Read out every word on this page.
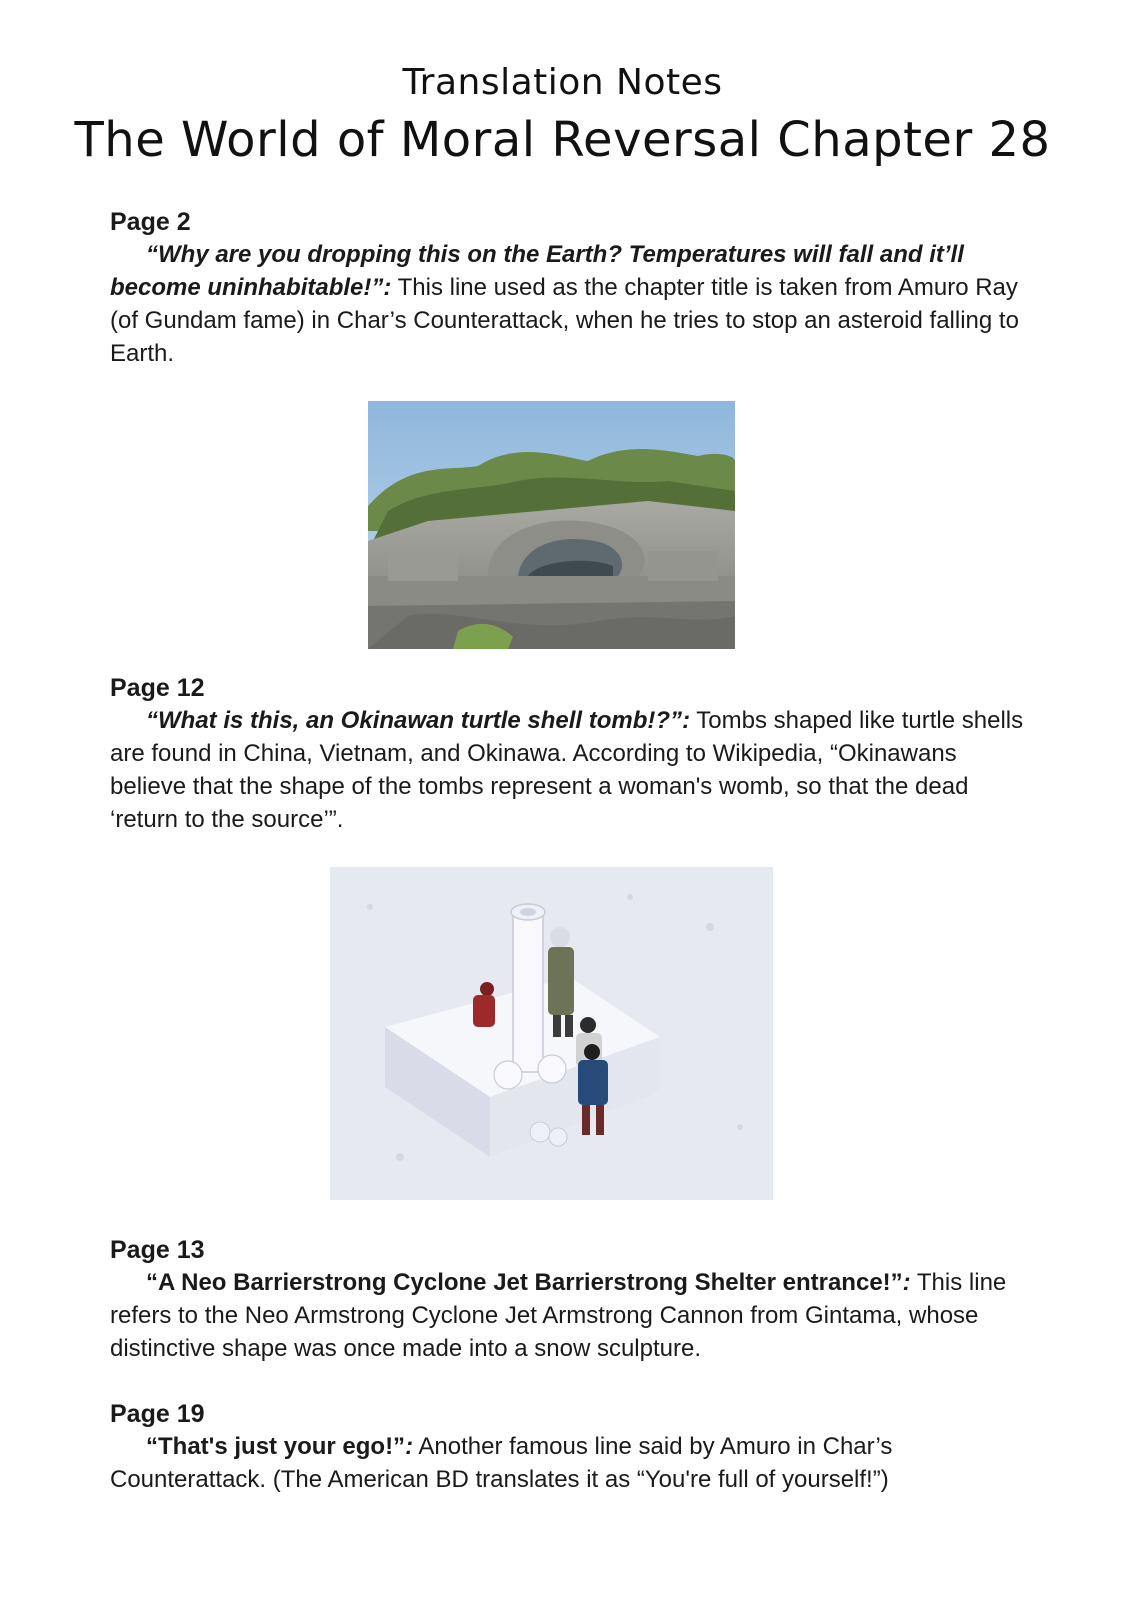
Translation Notes
The World of Moral Reversal Chapter 28
Page 2

“Why are you dropping this on the Earth? Temperatures will fall and it’ll become uninhabitable!”: This line used as the chapter title is taken from Amuro Ray (of Gundam fame) in Char’s Counterattack, when he tries to stop an asteroid falling to Earth.

Page 12

“What is this, an Okinawan turtle shell tomb!?”: Tombs shaped like turtle shells are found in China, Vietnam, and Okinawa. According to Wikipedia, “Okinawans believe that the shape of the tombs represent a woman's womb, so that the dead ‘return to the source’”.

Page 13

“A Neo Barrierstrong Cyclone Jet Barrierstrong Shelter entrance!”: This line refers to the Neo Armstrong Cyclone Jet Armstrong Cannon from Gintama, whose distinctive shape was once made into a snow sculpture.

Page 19

“That's just your ego!”: Another famous line said by Amuro in Char’s Counterattack. (The American BD translates it as “You're full of yourself!”)
